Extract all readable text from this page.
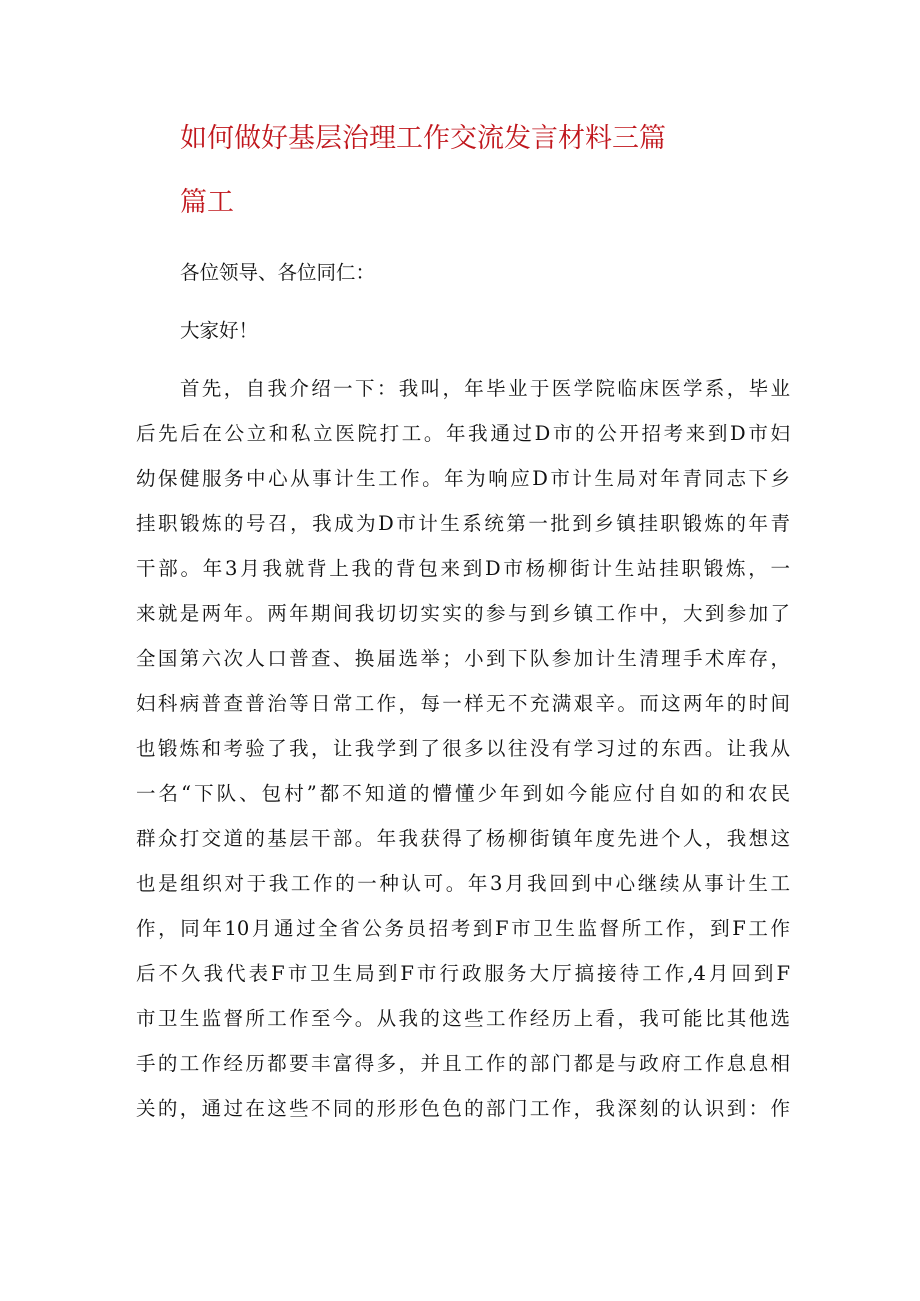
如何做好基层治理工作交流发言材料三篇
篇工
各位领导、各位同仁：
大家好！
首先，自我介绍一下：我叫，年毕业于医学院临床医学系，毕业
后先后在公立和私立医院打工。年我通过D市的公开招考来到D市妇
幼保健服务中心从事计生工作。年为响应D市计生局对年青同志下乡
挂职锻炼的号召，我成为D市计生系统第一批到乡镇挂职锻炼的年青
干部。年3月我就背上我的背包来到D市杨柳街计生站挂职锻炼，一
来就是两年。两年期间我切切实实的参与到乡镇工作中，大到参加了
全国第六次人口普查、换届选举；小到下队参加计生清理手术库存，
妇科病普查普治等日常工作，每一样无不充满艰辛。而这两年的时间
也锻炼和考验了我，让我学到了很多以往没有学习过的东西。让我从
一名“下队、包村”都不知道的懵懂少年到如今能应付自如的和农民
群众打交道的基层干部。年我获得了杨柳街镇年度先进个人，我想这
也是组织对于我工作的一种认可。年3月我回到中心继续从事计生工
作，同年10月通过全省公务员招考到F市卫生监督所工作，到F工作
后不久我代表F市卫生局到F市行政服务大厅搞接待工作,4月回到F
市卫生监督所工作至今。从我的这些工作经历上看，我可能比其他选
手的工作经历都要丰富得多，并且工作的部门都是与政府工作息息相
关的，通过在这些不同的形形色色的部门工作，我深刻的认识到：作
